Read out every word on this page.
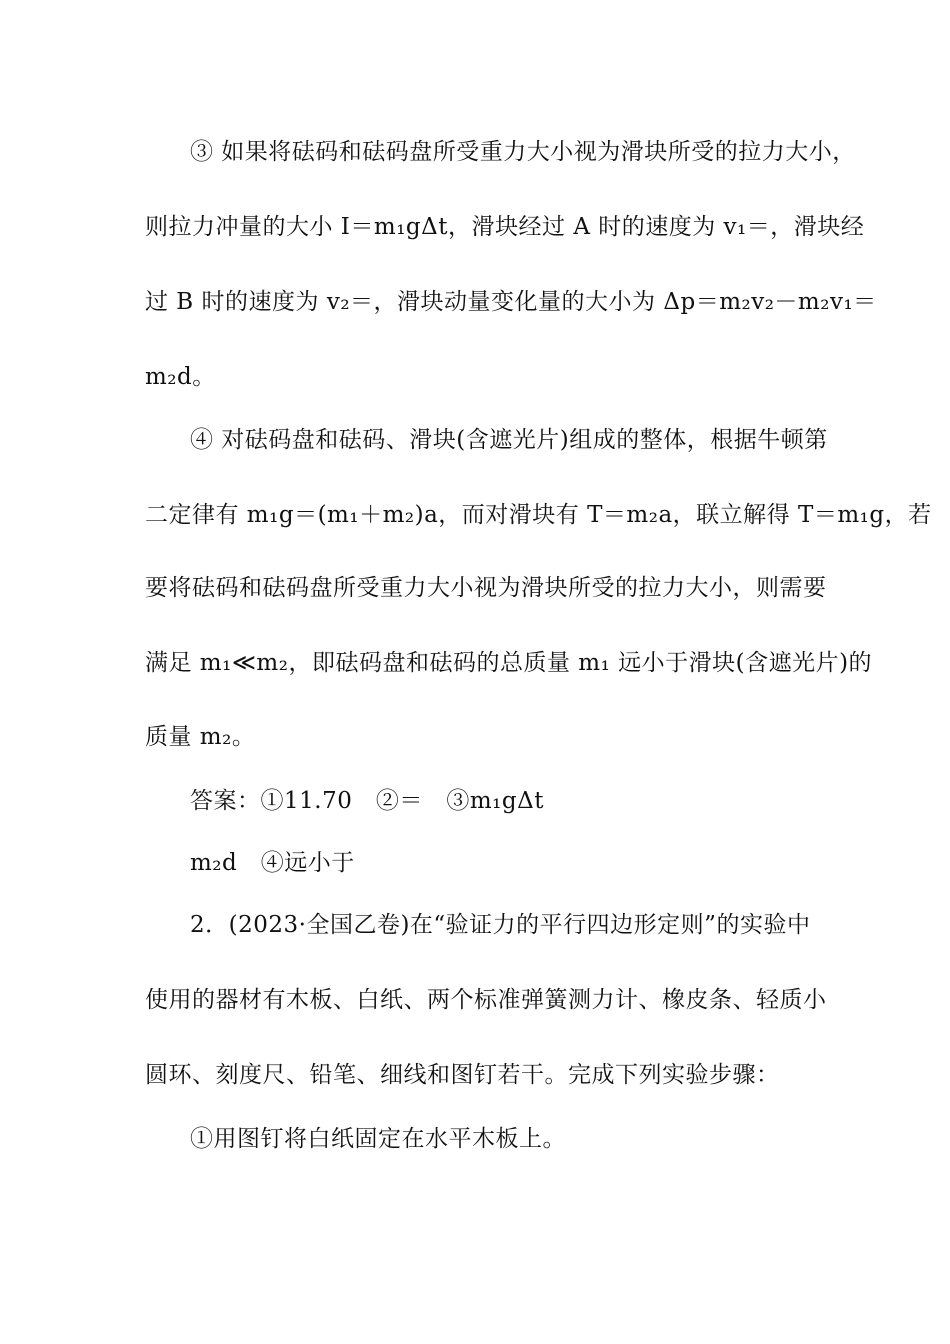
③ 如果将砝码和砝码盘所受重力大小视为滑块所受的拉力大小，
则拉力冲量的大小 I＝m₁gΔt，滑块经过 A 时的速度为 v₁＝，滑块经
过 B 时的速度为 v₂＝，滑块动量变化量的大小为 Δp＝m₂v₂－m₂v₁＝
m₂d。
④ 对砝码盘和砝码、滑块(含遮光片)组成的整体，根据牛顿第
二定律有 m₁g＝(m₁＋m₂)a，而对滑块有 T＝m₂a，联立解得 T＝m₁g，若
要将砝码和砝码盘所受重力大小视为滑块所受的拉力大小，则需要
满足 m₁≪m₂，即砝码盘和砝码的总质量 m₁ 远小于滑块(含遮光片)的
质量 m₂。
答案：①11.70　②＝　③m₁gΔt
m₂d　④远小于
2．(2023·全国乙卷)在“验证力的平行四边形定则”的实验中
使用的器材有木板、白纸、两个标准弹簧测力计、橡皮条、轻质小
圆环、刻度尺、铅笔、细线和图钉若干。完成下列实验步骤：
①用图钉将白纸固定在水平木板上。
